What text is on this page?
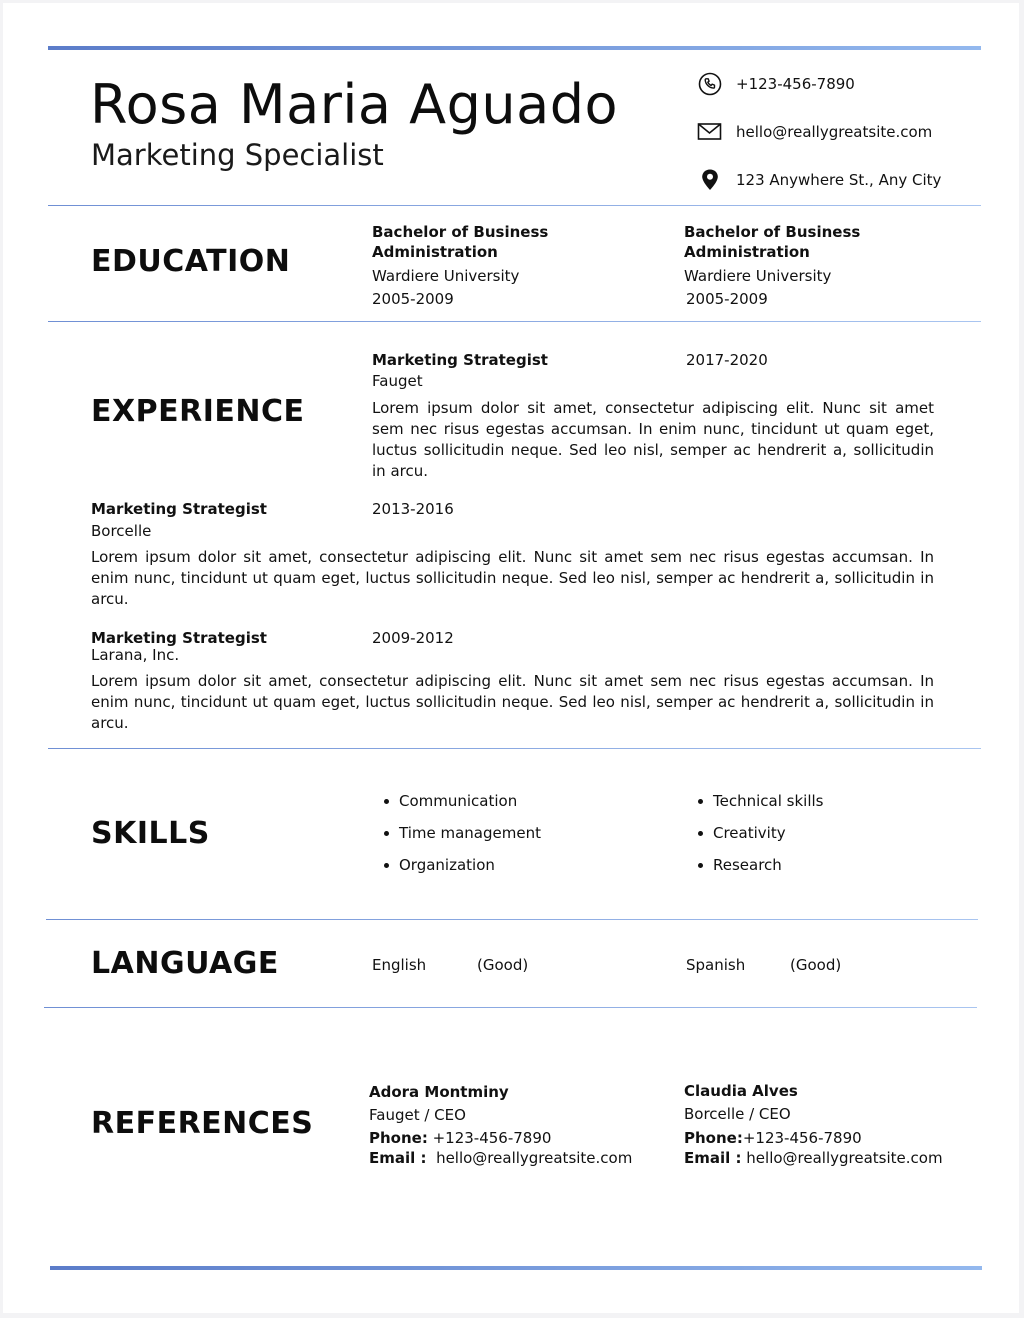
Rosa Maria Aguado
Marketing Specialist
+123-456-7890
hello@reallygreatsite.com
123 Anywhere St., Any City
EDUCATION
Bachelor of Business
Administration
Wardiere University
2005-2009
Bachelor of Business
Administration
Wardiere University
2005-2009
EXPERIENCE
Marketing Strategist	2017-2020
Fauget
Lorem ipsum dolor sit amet, consectetur adipiscing elit. Nunc sit amet sem nec risus egestas accumsan. In enim nunc, tincidunt ut quam eget, luctus sollicitudin neque. Sed leo nisl, semper ac hendrerit a, sollicitudin in arcu.
Marketing Strategist	2013-2016
Borcelle
Lorem ipsum dolor sit amet, consectetur adipiscing elit. Nunc sit amet sem nec risus egestas accumsan. In enim nunc, tincidunt ut quam eget, luctus sollicitudin neque. Sed leo nisl, semper ac hendrerit a, sollicitudin in arcu.
Marketing Strategist	2009-2012
Larana, Inc.
Lorem ipsum dolor sit amet, consectetur adipiscing elit. Nunc sit amet sem nec risus egestas accumsan. In enim nunc, tincidunt ut quam eget, luctus sollicitudin neque. Sed leo nisl, semper ac hendrerit a, sollicitudin in arcu.
SKILLS
Communication
Time management
Organization
Technical skills
Creativity
Research
LANGUAGE	English	(Good)	Spanish	(Good)
REFERENCES
Adora Montminy
Fauget / CEO
Phone: +123-456-7890
Email : hello@reallygreatsite.com
Claudia Alves
Borcelle / CEO
Phone:+123-456-7890
Email : hello@reallygreatsite.com
